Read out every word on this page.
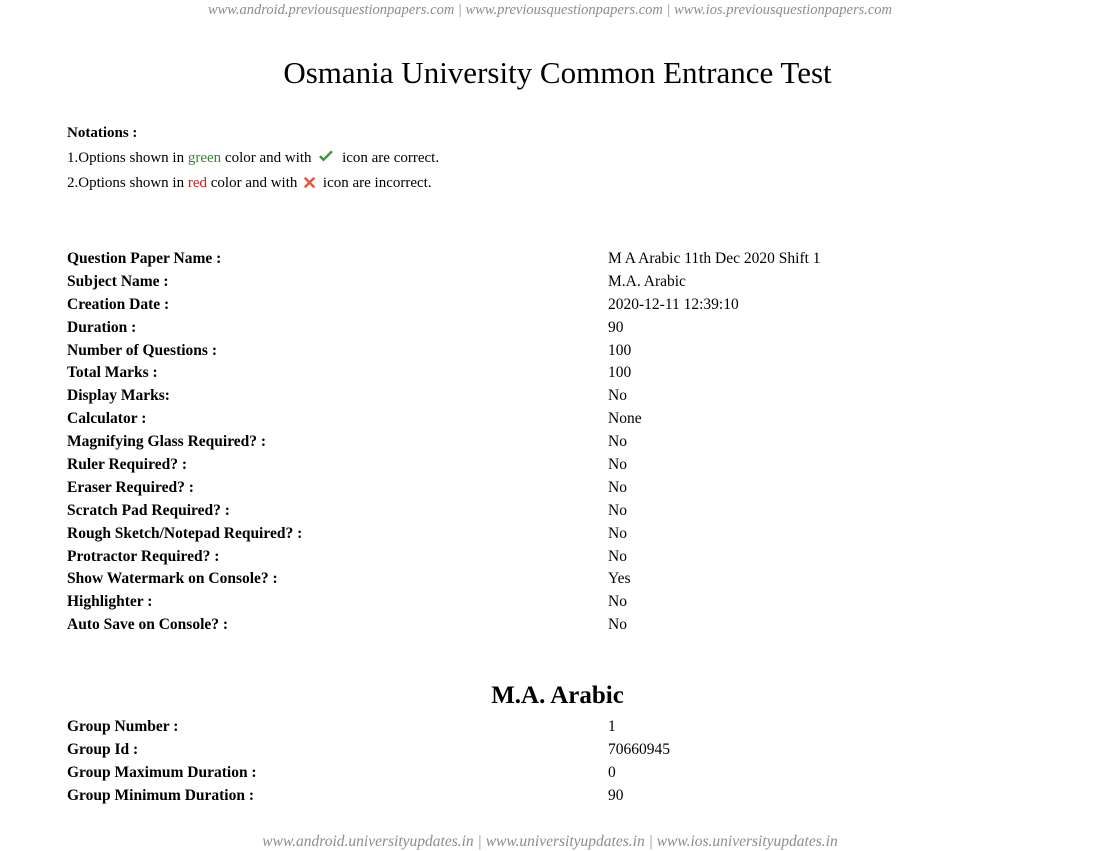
www.android.previousquestionpapers.com | www.previousquestionpapers.com | www.ios.previousquestionpapers.com
Osmania University Common Entrance Test
Notations :
1.Options shown in green color and with  icon are correct.
2.Options shown in red color and with  icon are incorrect.
Question Paper Name :	M A Arabic 11th Dec 2020 Shift 1
Subject Name :	M.A. Arabic
Creation Date :	2020-12-11 12:39:10
Duration :	90
Number of Questions :	100
Total Marks :	100
Display Marks:	No
Calculator :	None
Magnifying Glass Required? :	No
Ruler Required? :	No
Eraser Required? :	No
Scratch Pad Required? :	No
Rough Sketch/Notepad Required? :	No
Protractor Required? :	No
Show Watermark on Console? :	Yes
Highlighter :	No
Auto Save on Console? :	No
M.A. Arabic
Group Number :	1
Group Id :	70660945
Group Maximum Duration :	0
Group Minimum Duration :	90
www.android.universityupdates.in | www.universityupdates.in | www.ios.universityupdates.in
